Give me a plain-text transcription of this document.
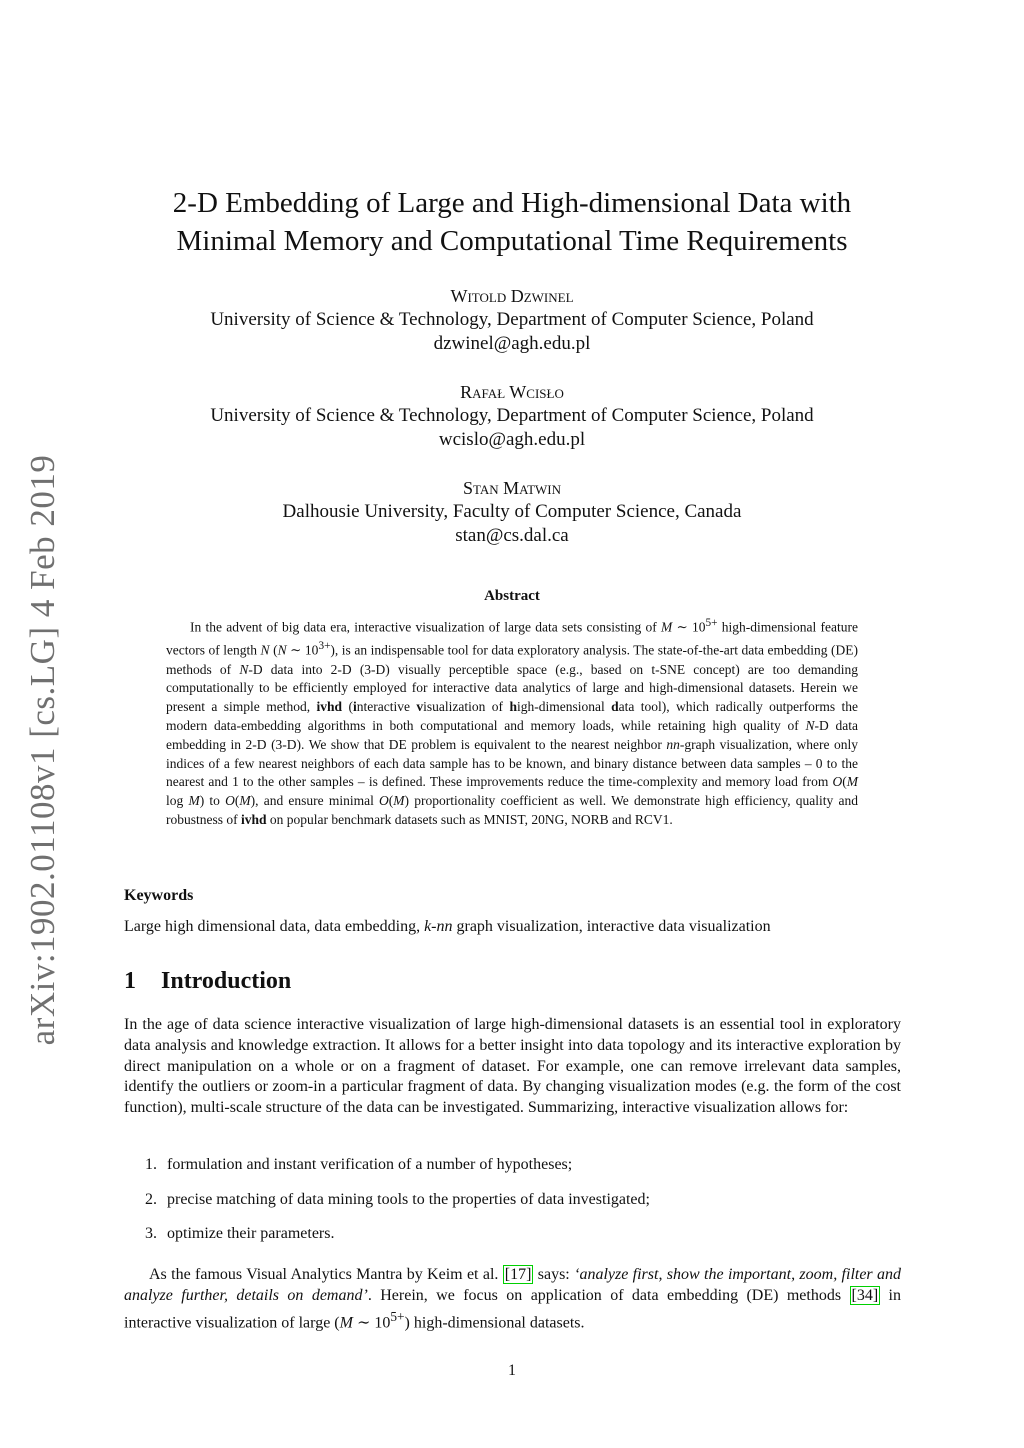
arXiv:1902.01108v1 [cs.LG] 4 Feb 2019
2-D Embedding of Large and High-dimensional Data with
Minimal Memory and Computational Time Requirements
Witold Dzwinel
University of Science & Technology, Department of Computer Science, Poland
dzwinel@agh.edu.pl
Rafał Wcisło
University of Science & Technology, Department of Computer Science, Poland
wcislo@agh.edu.pl
Stan Matwin
Dalhousie University, Faculty of Computer Science, Canada
stan@cs.dal.ca
Abstract

In the advent of big data era, interactive visualization of large data sets consisting of M ∼ $10^{5+}$ high-dimensional feature vectors of length N (N ∼ $10^{3+}$), is an indispensable tool for data exploratory analysis. The state-of-the-art data embedding (DE) methods of N-D data into 2-D (3-D) visually perceptible space (e.g., based on t-SNE concept) are too demanding computationally to be efficiently employed for interactive data analytics of large and high-dimensional datasets. Herein we present a simple method, ivhd (interactive visualization of high-dimensional data tool), which radically outperforms the modern data-embedding algorithms in both computational and memory loads, while retaining high quality of N-D data embedding in 2-D (3-D). We show that DE problem is equivalent to the nearest neighbor nn-graph visualization, where only indices of a few nearest neighbors of each data sample has to be known, and binary distance between data samples – 0 to the nearest and 1 to the other samples – is defined. These improvements reduce the time-complexity and memory load from O(M log M) to O(M), and ensure minimal O(M) proportionality coefficient as well. We demonstrate high efficiency, quality and robustness of ivhd on popular benchmark datasets such as MNIST, 20NG, NORB and RCV1.

Keywords
Large high dimensional data, data embedding, k-nn graph visualization, interactive data visualization
1 Introduction

In the age of data science interactive visualization of large high-dimensional datasets is an essential tool in exploratory data analysis and knowledge extraction. It allows for a better insight into data topology and its interactive exploration by direct manipulation on a whole or on a fragment of dataset. For example, one can remove irrelevant data samples, identify the outliers or zoom-in a particular fragment of data. By changing visualization modes (e.g. the form of the cost function), multi-scale structure of the data can be investigated. Summarizing, interactive visualization allows for:

1. formulation and instant verification of a number of hypotheses;
2. precise matching of data mining tools to the properties of data investigated;
3. optimize their parameters.

As the famous Visual Analytics Mantra by Keim et al. [17] says: ‘analyze first, show the important, zoom, filter and analyze further, details on demand’. Herein, we focus on application of data embedding (DE) methods [34] in interactive visualization of large (M ∼ $10^{5+}$) high-dimensional datasets.

1
